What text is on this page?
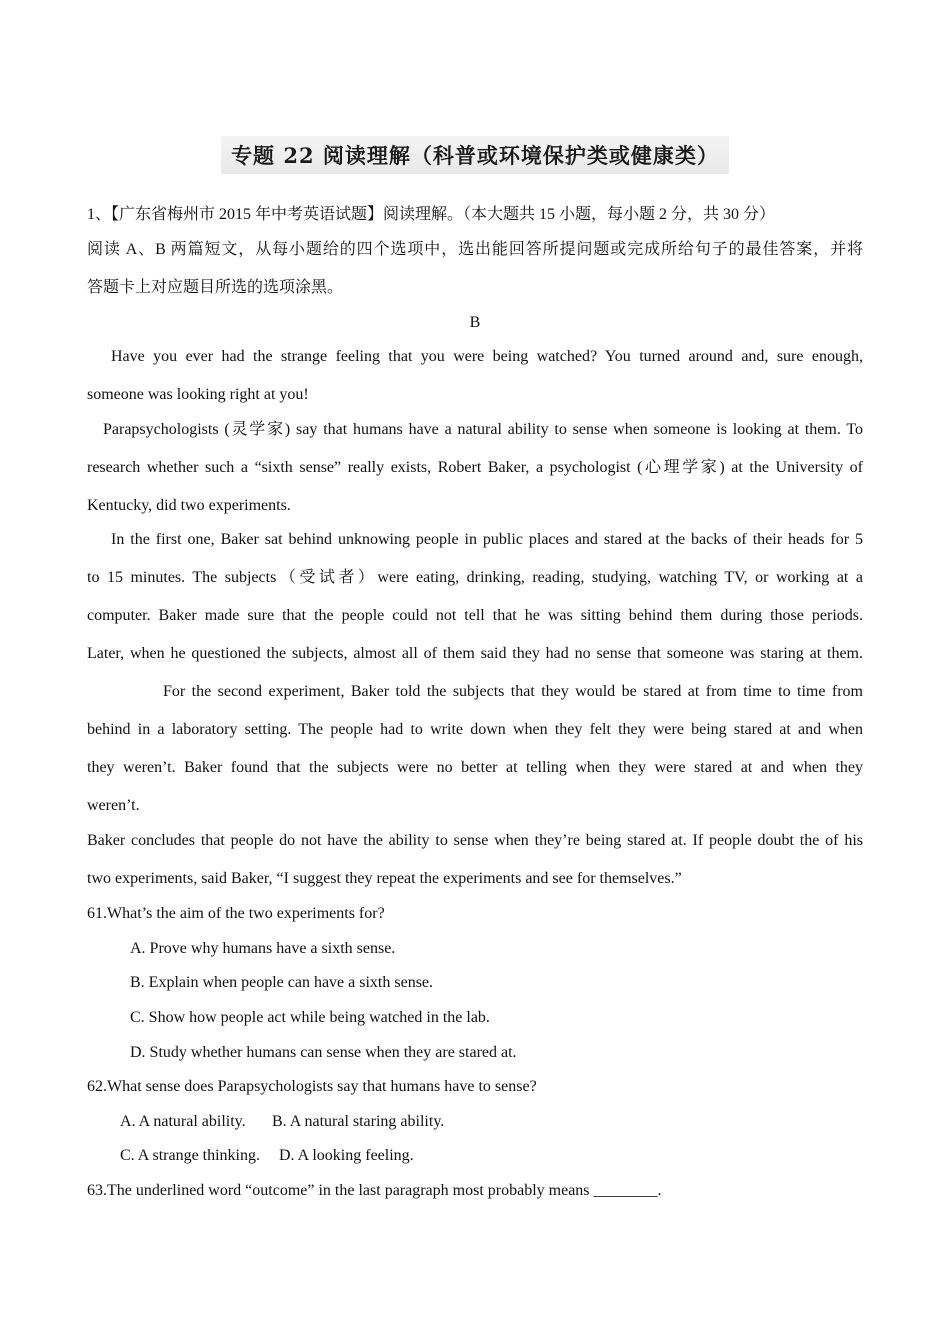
专题 22 阅读理解（科普或环境保护类或健康类）
1、【广东省梅州市 2015 年中考英语试题】阅读理解。（本大题共 15 小题，每小题 2 分，共 30 分）
阅读 A、B 两篇短文，从每小题给的四个选项中，选出能回答所提问题或完成所给句子的最佳答案，并将
答题卡上对应题目所选的选项涂黑。
B
Have you ever had the strange feeling that you were being watched? You turned around and, sure enough,
someone was looking right at you!
Parapsychologists (灵学家) say that humans have a natural ability to sense when someone is looking at them. To
research whether such a “sixth sense” really exists, Robert Baker, a psychologist (心理学家) at the University of
Kentucky, did two experiments.
In the first one, Baker sat behind unknowing people in public places and stared at the backs of their heads for 5
to 15 minutes. The subjects（受试者）were eating, drinking, reading, studying, watching TV, or working at a
computer. Baker made sure that the people could not tell that he was sitting behind them during those periods.
Later, when he questioned the subjects, almost all of them said they had no sense that someone was staring at them.
For the second experiment, Baker told the subjects that they would be stared at from time to time from
behind in a laboratory setting. The people had to write down when they felt they were being stared at and when
they weren’t. Baker found that the subjects were no better at telling when they were stared at and when they
weren’t.
Baker concludes that people do not have the ability to sense when they’re being stared at. If people doubt the of his
two experiments, said Baker, “I suggest they repeat the experiments and see for themselves.”
61.What’s the aim of the two experiments for?
A. Prove why humans have a sixth sense.
B. Explain when people can have a sixth sense.
C. Show how people act while being watched in the lab.
D. Study whether humans can sense when they are stared at.
62.What sense does Parapsychologists say that humans have to sense?
A. A natural ability. B. A natural staring ability.
C. A strange thinking. D. A looking feeling.
63.The underlined word “outcome” in the last paragraph most probably means ________.
